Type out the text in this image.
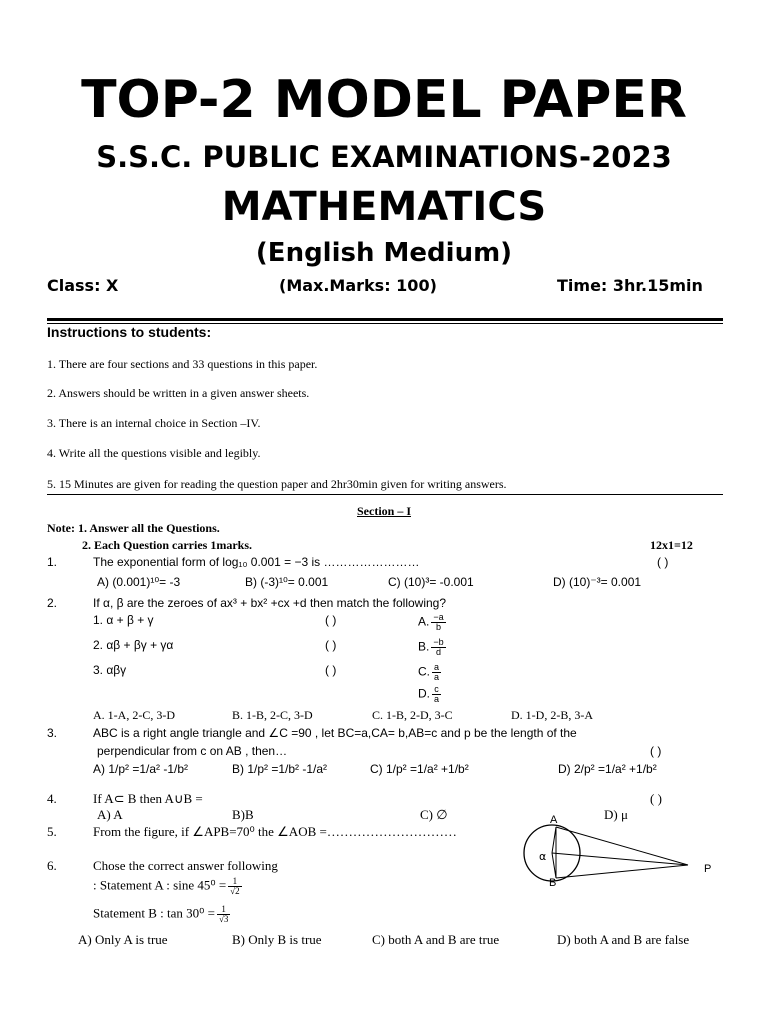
TOP-2 MODEL PAPER
S.S.C. PUBLIC EXAMINATIONS-2023
MATHEMATICS
(English Medium)
Class: X	(Max.Marks: 100)	Time: 3hr.15min
Instructions to students:
1. There are four sections and 33 questions in this paper.
2. Answers should be written in a given answer sheets.
3. There is an internal choice in Section –IV.
4. Write all the questions visible and legibly.
5. 15 Minutes are given for reading the question paper and 2hr30min given for writing answers.
Section – I
Note: 1. Answer all the Questions.
2. Each Question carries 1marks.	12x1=12
1.	The exponential form of log₁₀ 0.001 = −3 is ……………………	( )
A) (0.001)¹⁰= -3	B) (-3)¹⁰= 0.001	C) (10)³= -0.001	D) (10)⁻³= 0.001
2.	If α, β are the zeroes of ax³ + bx² +cx +d then match the following?
1. α + β + γ	( )	A. $\frac{-a}{b}$
2. αβ + βγ + γα	( )	B. $\frac{-b}{d}$
3. αβγ	( )	C. $\frac{a}{a}$
D. $\frac{c}{a}$
A. 1-A, 2-C, 3-D	B. 1-B, 2-C, 3-D	C. 1-B, 2-D, 3-C	D. 1-D, 2-B, 3-A
3.	ABC is a right angle triangle and ∠C =90 , let BC=a,CA= b,AB=c and p be the length of the
perpendicular from c on AB , then…	( )
A) 1/p² =1/a² -1/b²	B) 1/p² =1/b² -1/a²	C) 1/p² =1/a² +1/b²	D) 2/p² =1/a² +1/b²
4.	If A⊂ B then A∪B =	( )
A) A	B)B	C) ∅	D) μ
5.	From the figure, if ∠APB=70⁰ the ∠AOB =…………………………
A
B
P
α
6.	Chose the correct answer following
: Statement A : sine $45^0 = \frac{1}{√2}$
Statement B : $\tan 30^0 = \frac{1}{√3}$
A) Only A is true	B) Only B is true	C) both A and B are true	D) both A and B are false
